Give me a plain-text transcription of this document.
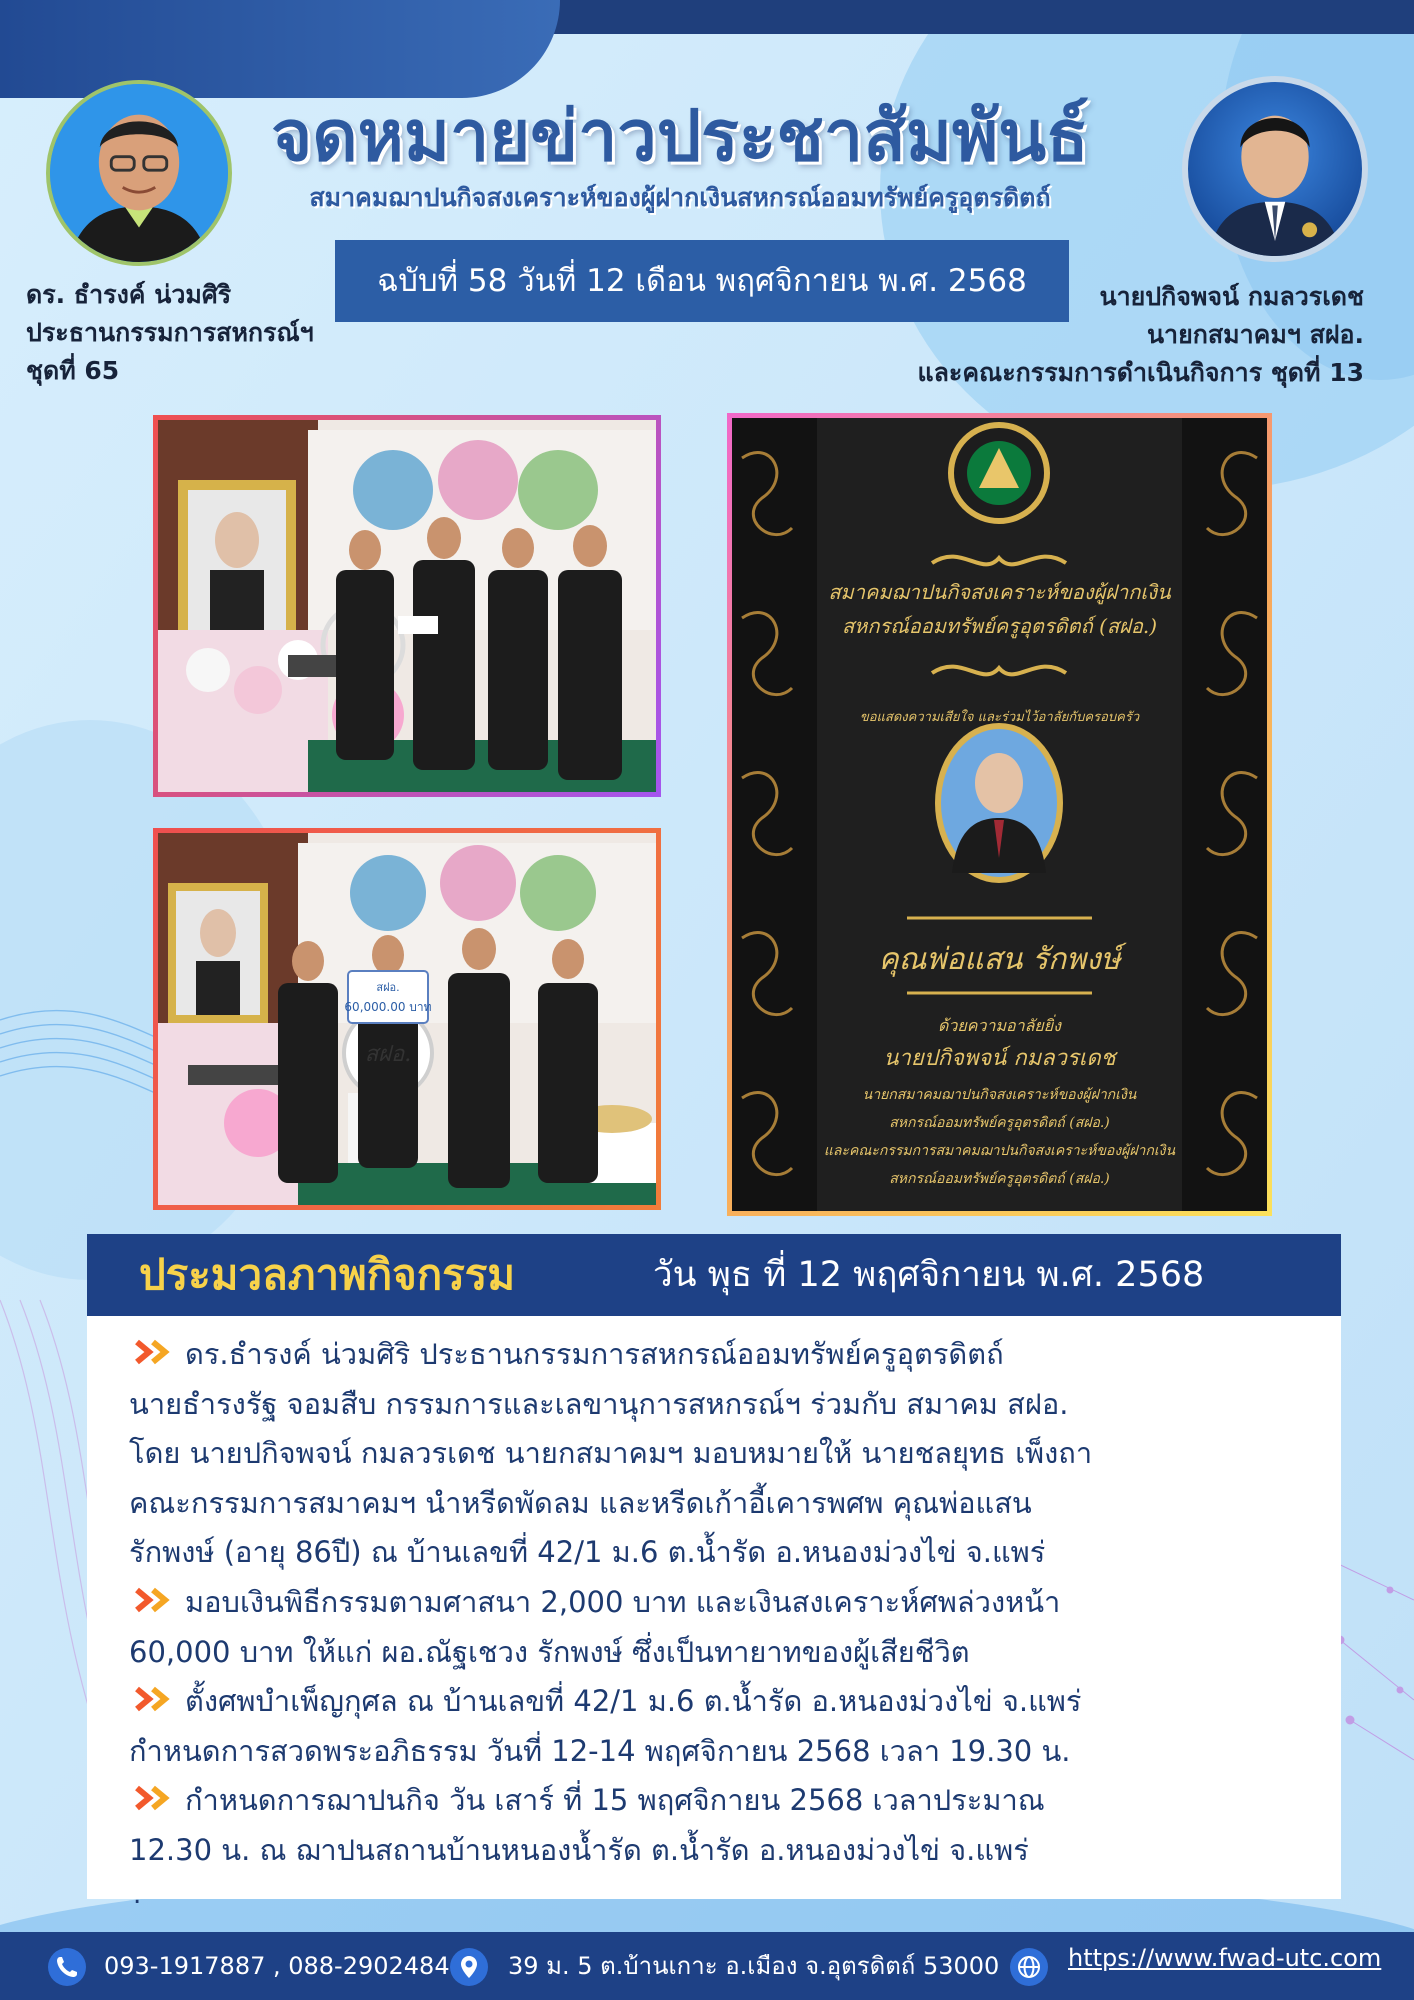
จดหมายข่าวประชาสัมพันธ์
สมาคมฌาปนกิจสงเคราะห์ของผู้ฝากเงินสหกรณ์ออมทรัพย์ครูอุตรดิตถ์
ฉบับที่ 58 วันที่ 12 เดือน พฤศจิกายน พ.ศ. 2568
ดร. ธำรงค์ น่วมศิริ
ประธานกรรมการสหกรณ์ฯ
ชุดที่ 65
นายปกิจพจน์ กมลวรเดช
นายกสมาคมฯ สฝอ.
และคณะกรรมการดำเนินกิจการ ชุดที่ 13
สฝอ.
60,000.00 บาท
สฝอ.
สมาคมฌาปนกิจสงเคราะห์ของผู้ฝากเงิน
สหกรณ์ออมทรัพย์ครูอุตรดิตถ์ (สฝอ.)
ขอแสดงความเสียใจ และร่วมไว้อาลัยกับครอบครัว
คุณพ่อแสน รักพงษ์
ด้วยความอาลัยยิ่ง
นายปกิจพจน์ กมลวรเดช
นายกสมาคมฌาปนกิจสงเคราะห์ของผู้ฝากเงิน
สหกรณ์ออมทรัพย์ครูอุตรดิตถ์ (สฝอ.)
และคณะกรรมการสมาคมฌาปนกิจสงเคราะห์ของผู้ฝากเงิน
สหกรณ์ออมทรัพย์ครูอุตรดิตถ์ (สฝอ.)
ประมวลภาพกิจกรรม	วัน พุธ ที่ 12 พฤศจิกายน พ.ศ. 2568
ดร.ธำรงค์ น่วมศิริ ประธานกรรมการสหกรณ์ออมทรัพย์ครูอุตรดิตถ์
นายธำรงรัฐ จอมสืบ กรรมการและเลขานุการสหกรณ์ฯ ร่วมกับ สมาคม สฝอ.
โดย นายปกิจพจน์ กมลวรเดช นายกสมาคมฯ มอบหมายให้ นายชลยุทธ เพ็งถา
คณะกรรมการสมาคมฯ นำหรีดพัดลม และหรีดเก้าอี้เคารพศพ คุณพ่อแสน
รักพงษ์ (อายุ 86ปี) ณ บ้านเลขที่ 42/1 ม.6 ต.น้ำรัด อ.หนองม่วงไข่ จ.แพร่
มอบเงินพิธีกรรมตามศาสนา 2,000 บาท และเงินสงเคราะห์ศพล่วงหน้า
60,000 บาท ให้แก่ ผอ.ณัฐเชวง รักพงษ์ ซึ่งเป็นทายาทของผู้เสียชีวิต
ตั้งศพบำเพ็ญกุศล ณ บ้านเลขที่ 42/1 ม.6 ต.น้ำรัด อ.หนองม่วงไข่ จ.แพร่
กำหนดการสวดพระอภิธรรม วันที่ 12-14 พฤศจิกายน 2568 เวลา 19.30 น.
กำหนดการฌาปนกิจ วัน เสาร์ ที่ 15 พฤศจิกายน 2568 เวลาประมาณ
12.30 น. ณ ฌาปนสถานบ้านหนองน้ำรัด ต.น้ำรัด อ.หนองม่วงไข่ จ.แพร่
.
093-1917887 , 088-2902484 39 ม. 5 ต.บ้านเกาะ อ.เมือง จ.อุตรดิตถ์ 53000	https://www.fwad-utc.com
